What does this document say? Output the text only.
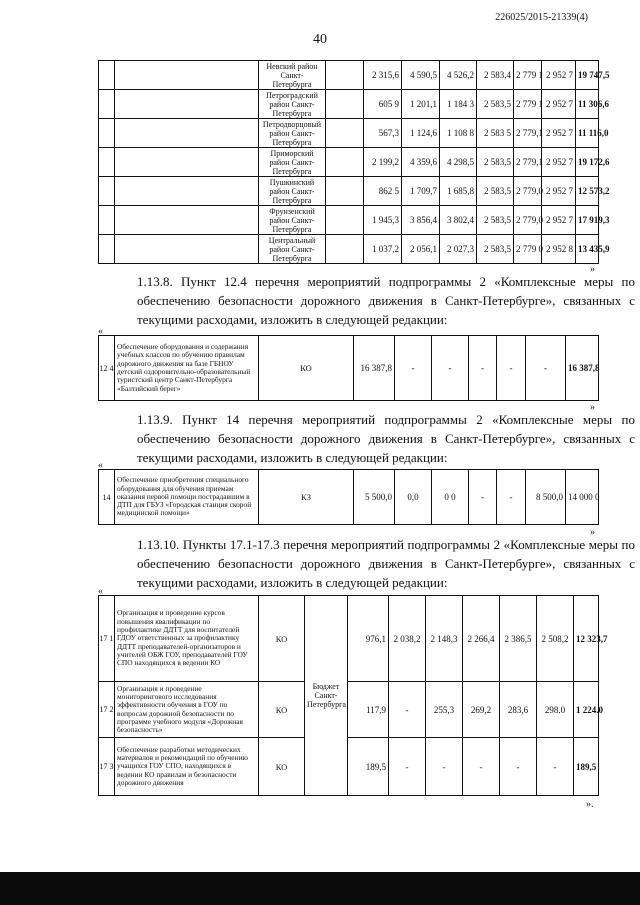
226025/2015-21339(4)
40
		Невский район Санкт-Петербурга		2 315,6	4 590,5	4 526,2	2 583,4	2 779 1	2 952 7	19 747,5
		Петроградский район Санкт-Петербурга		605 9	1 201,1	1 184 3	2 583,5	2 779 1	2 952 7	11 306,6
		Петродворцовый район Санкт-Петербурга		567,3	1 124,6	1 108 8	2 583 5	2 779,1	2 952 7	11 116,0
		Приморский район Санкт-Петербурга		2 199,2	4 359,6	4 298,5	2 583,5	2 779,1	2 952 7	19 172,6
		Пушкинский район Санкт-Петербурга		862 5	1 709,7	1 685,8	2 583,5	2 779,0	2 952 7	12 573,2
		Фрунзенский район Санкт-Петербурга		1 945,3	3 856,4	3 802,4	2 583,5	2 779,0	2 952 7	17 919,3
		Центральный район Санкт-Петербурга		1 037,2	2 056,1	2 027,3	2 583,5	2 779 0	2 952 8	13 435,9
»
1.13.8. Пункт 12.4 перечня мероприятий подпрограммы 2 «Комплексные меры по обеспечению безопасности дорожного движения в Санкт-Петербурге», связанных с текущими расходами, изложить в следующей редакции:
«
12 4	Обеспечение оборудования и содержания учебных классов по обучению правилам дорожного движения на базе ГБНОУ детский оздоровительно-образовательный туристский центр Санкт-Петербурга «Балтийский берег»	КО	16 387,8	-	-	-	-	-	16 387,8
»
1.13.9. Пункт 14 перечня мероприятий подпрограммы 2 «Комплексные меры по обеспечению безопасности дорожного движения в Санкт-Петербурге», связанных с текущими расходами, изложить в следующей редакции:
«
14	Обеспечение приобретения специального оборудования для обучения приемам оказания первой помощи пострадавшим в ДТП для ГБУЗ «Городская станция скорой медицинской помощи»	КЗ	5 500,0	0,0	0 0	-	-	8 500,0	14 000 0
»
1.13.10. Пункты 17.1-17.3 перечня мероприятий подпрограммы 2 «Комплексные меры по обеспечению безопасности дорожного движения в Санкт-Петербурге», связанных с текущими расходами, изложить в следующей редакции:
«
17 1	Организация и проведение курсов повышения квалификации по профилактике ДДТТ для воспитателей ГДОУ ответственных за профилактику ДДТТ преподавателей-организаторов и учителей ОБЖ ГОУ, преподавателей ГОУ СПО находящихся в ведении КО	КО	Бюджет Санкт-Петербурга	976,1	2 038,2	2 148,3	2 266,4	2 386,5	2 508,2	12 323,7
17 2	Организация и проведение мониторингового исследования эффективности обучения в ГОУ по вопросам дорожной безопасности по программе учебного модуля «Дорожная безопасность»	КО		117,9	-	255,3	269,2	283,6	298.0	1 224.0
17 3	Обеспечение разработки методических материалов и рекомендаций по обучению учащихся ГОУ СПО, находящихся в ведении КО правилам и безопасности дорожного движения	КО		189,5	-	-	-	-	-	189,5
».
